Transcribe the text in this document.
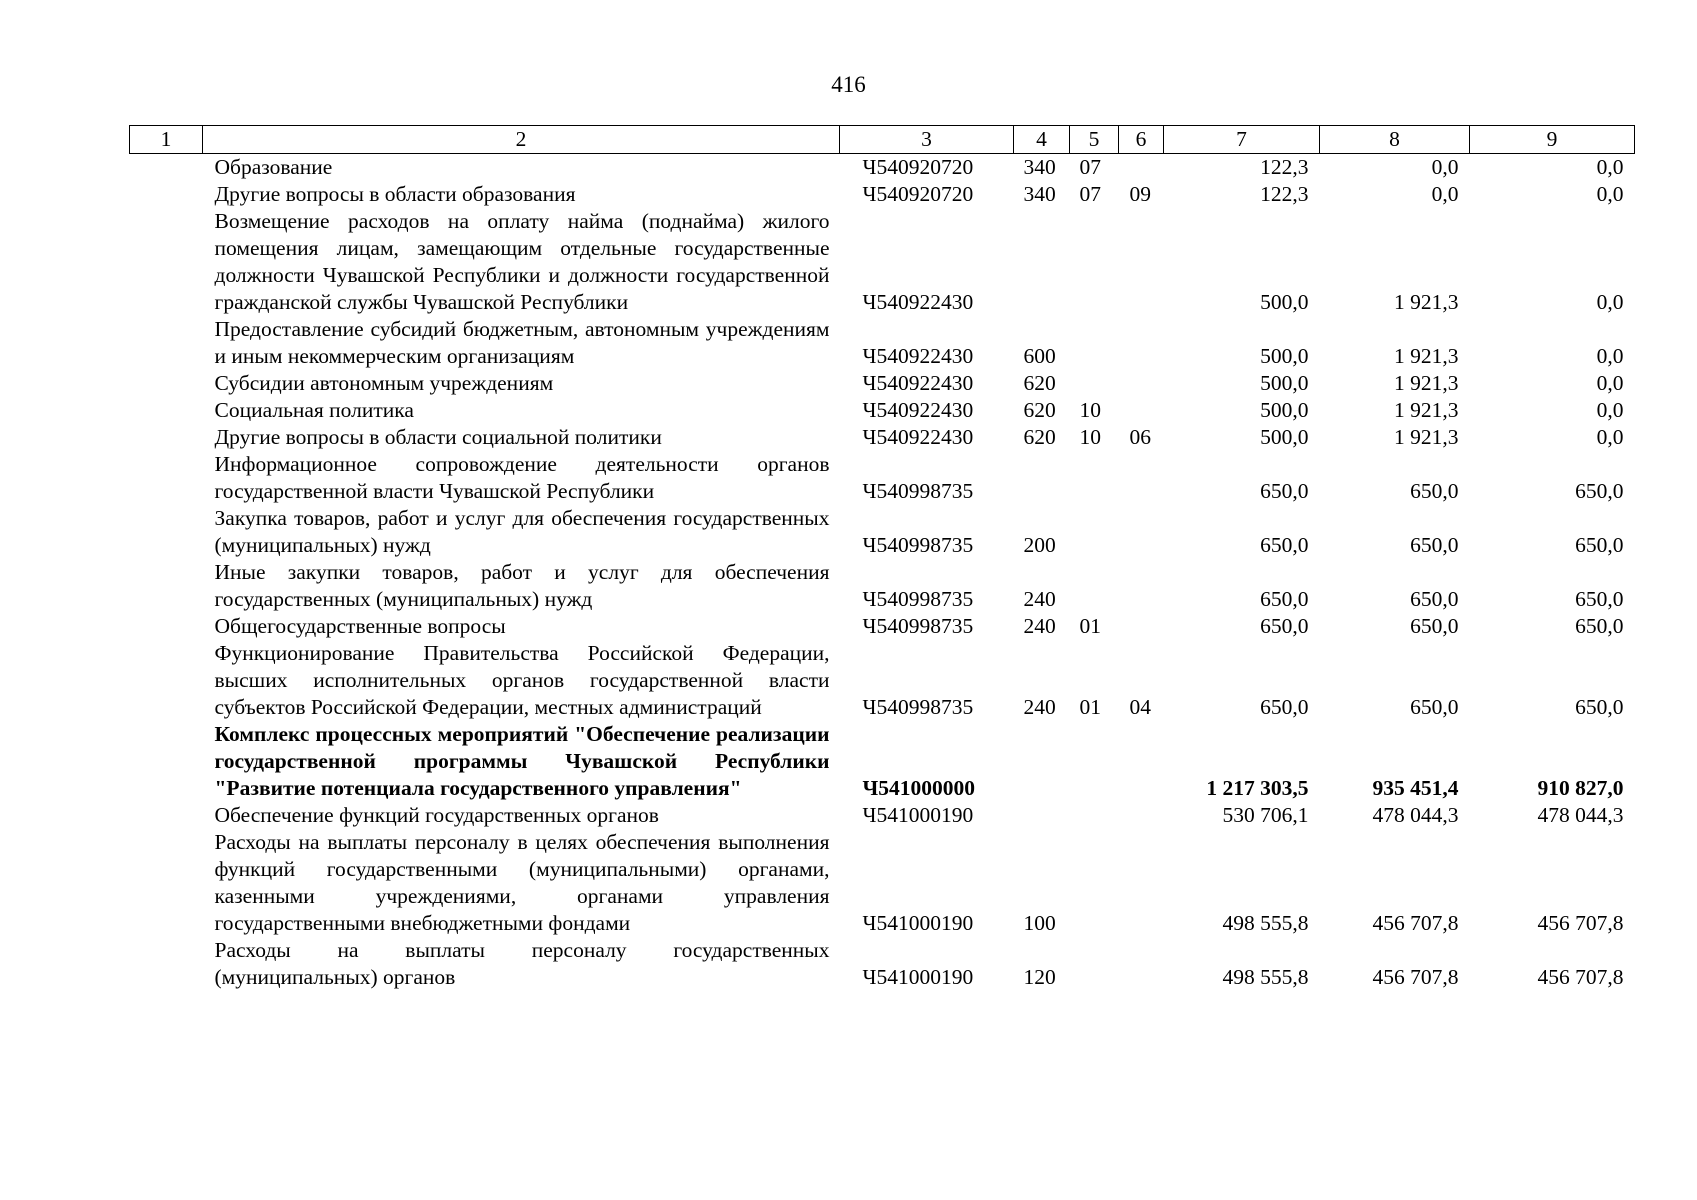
416
1	2	3	4	5	6	7	8	9
	Образование	Ч540920720	340	07		122,3	0,0	0,0
	Другие вопросы в области образования	Ч540920720	340	07	09	122,3	0,0	0,0
	Возмещение расходов на оплату найма (поднайма) жилого помещения лицам, замещающим отдельные государственные должности Чувашской Республики и должности государственной гражданской службы Чувашской Республики	Ч540922430				500,0	1 921,3	0,0
	Предоставление субсидий бюджетным, автономным учреждениям и иным некоммерческим организациям	Ч540922430	600			500,0	1 921,3	0,0
	Субсидии автономным учреждениям	Ч540922430	620			500,0	1 921,3	0,0
	Социальная политика	Ч540922430	620	10		500,0	1 921,3	0,0
	Другие вопросы в области социальной политики	Ч540922430	620	10	06	500,0	1 921,3	0,0
	Информационное сопровождение деятельности органов государственной власти Чувашской Республики	Ч540998735				650,0	650,0	650,0
	Закупка товаров, работ и услуг для обеспечения государственных (муниципальных) нужд	Ч540998735	200			650,0	650,0	650,0
	Иные закупки товаров, работ и услуг для обеспечения государственных (муниципальных) нужд	Ч540998735	240			650,0	650,0	650,0
	Общегосударственные вопросы	Ч540998735	240	01		650,0	650,0	650,0
	Функционирование Правительства Российской Федерации, высших исполнительных органов государственной власти субъектов Российской Федерации, местных администраций	Ч540998735	240	01	04	650,0	650,0	650,0
	Комплекс процессных мероприятий "Обеспечение реализации государственной программы Чувашской Республики "Развитие потенциала государственного управления"	Ч541000000				1 217 303,5	935 451,4	910 827,0
	Обеспечение функций государственных органов	Ч541000190				530 706,1	478 044,3	478 044,3
	Расходы на выплаты персоналу в целях обеспечения выполнения функций государственными (муниципальными) органами, казенными учреждениями, органами управления государственными внебюджетными фондами	Ч541000190	100			498 555,8	456 707,8	456 707,8
	Расходы на выплаты персоналу государственных (муниципальных) органов	Ч541000190	120			498 555,8	456 707,8	456 707,8
